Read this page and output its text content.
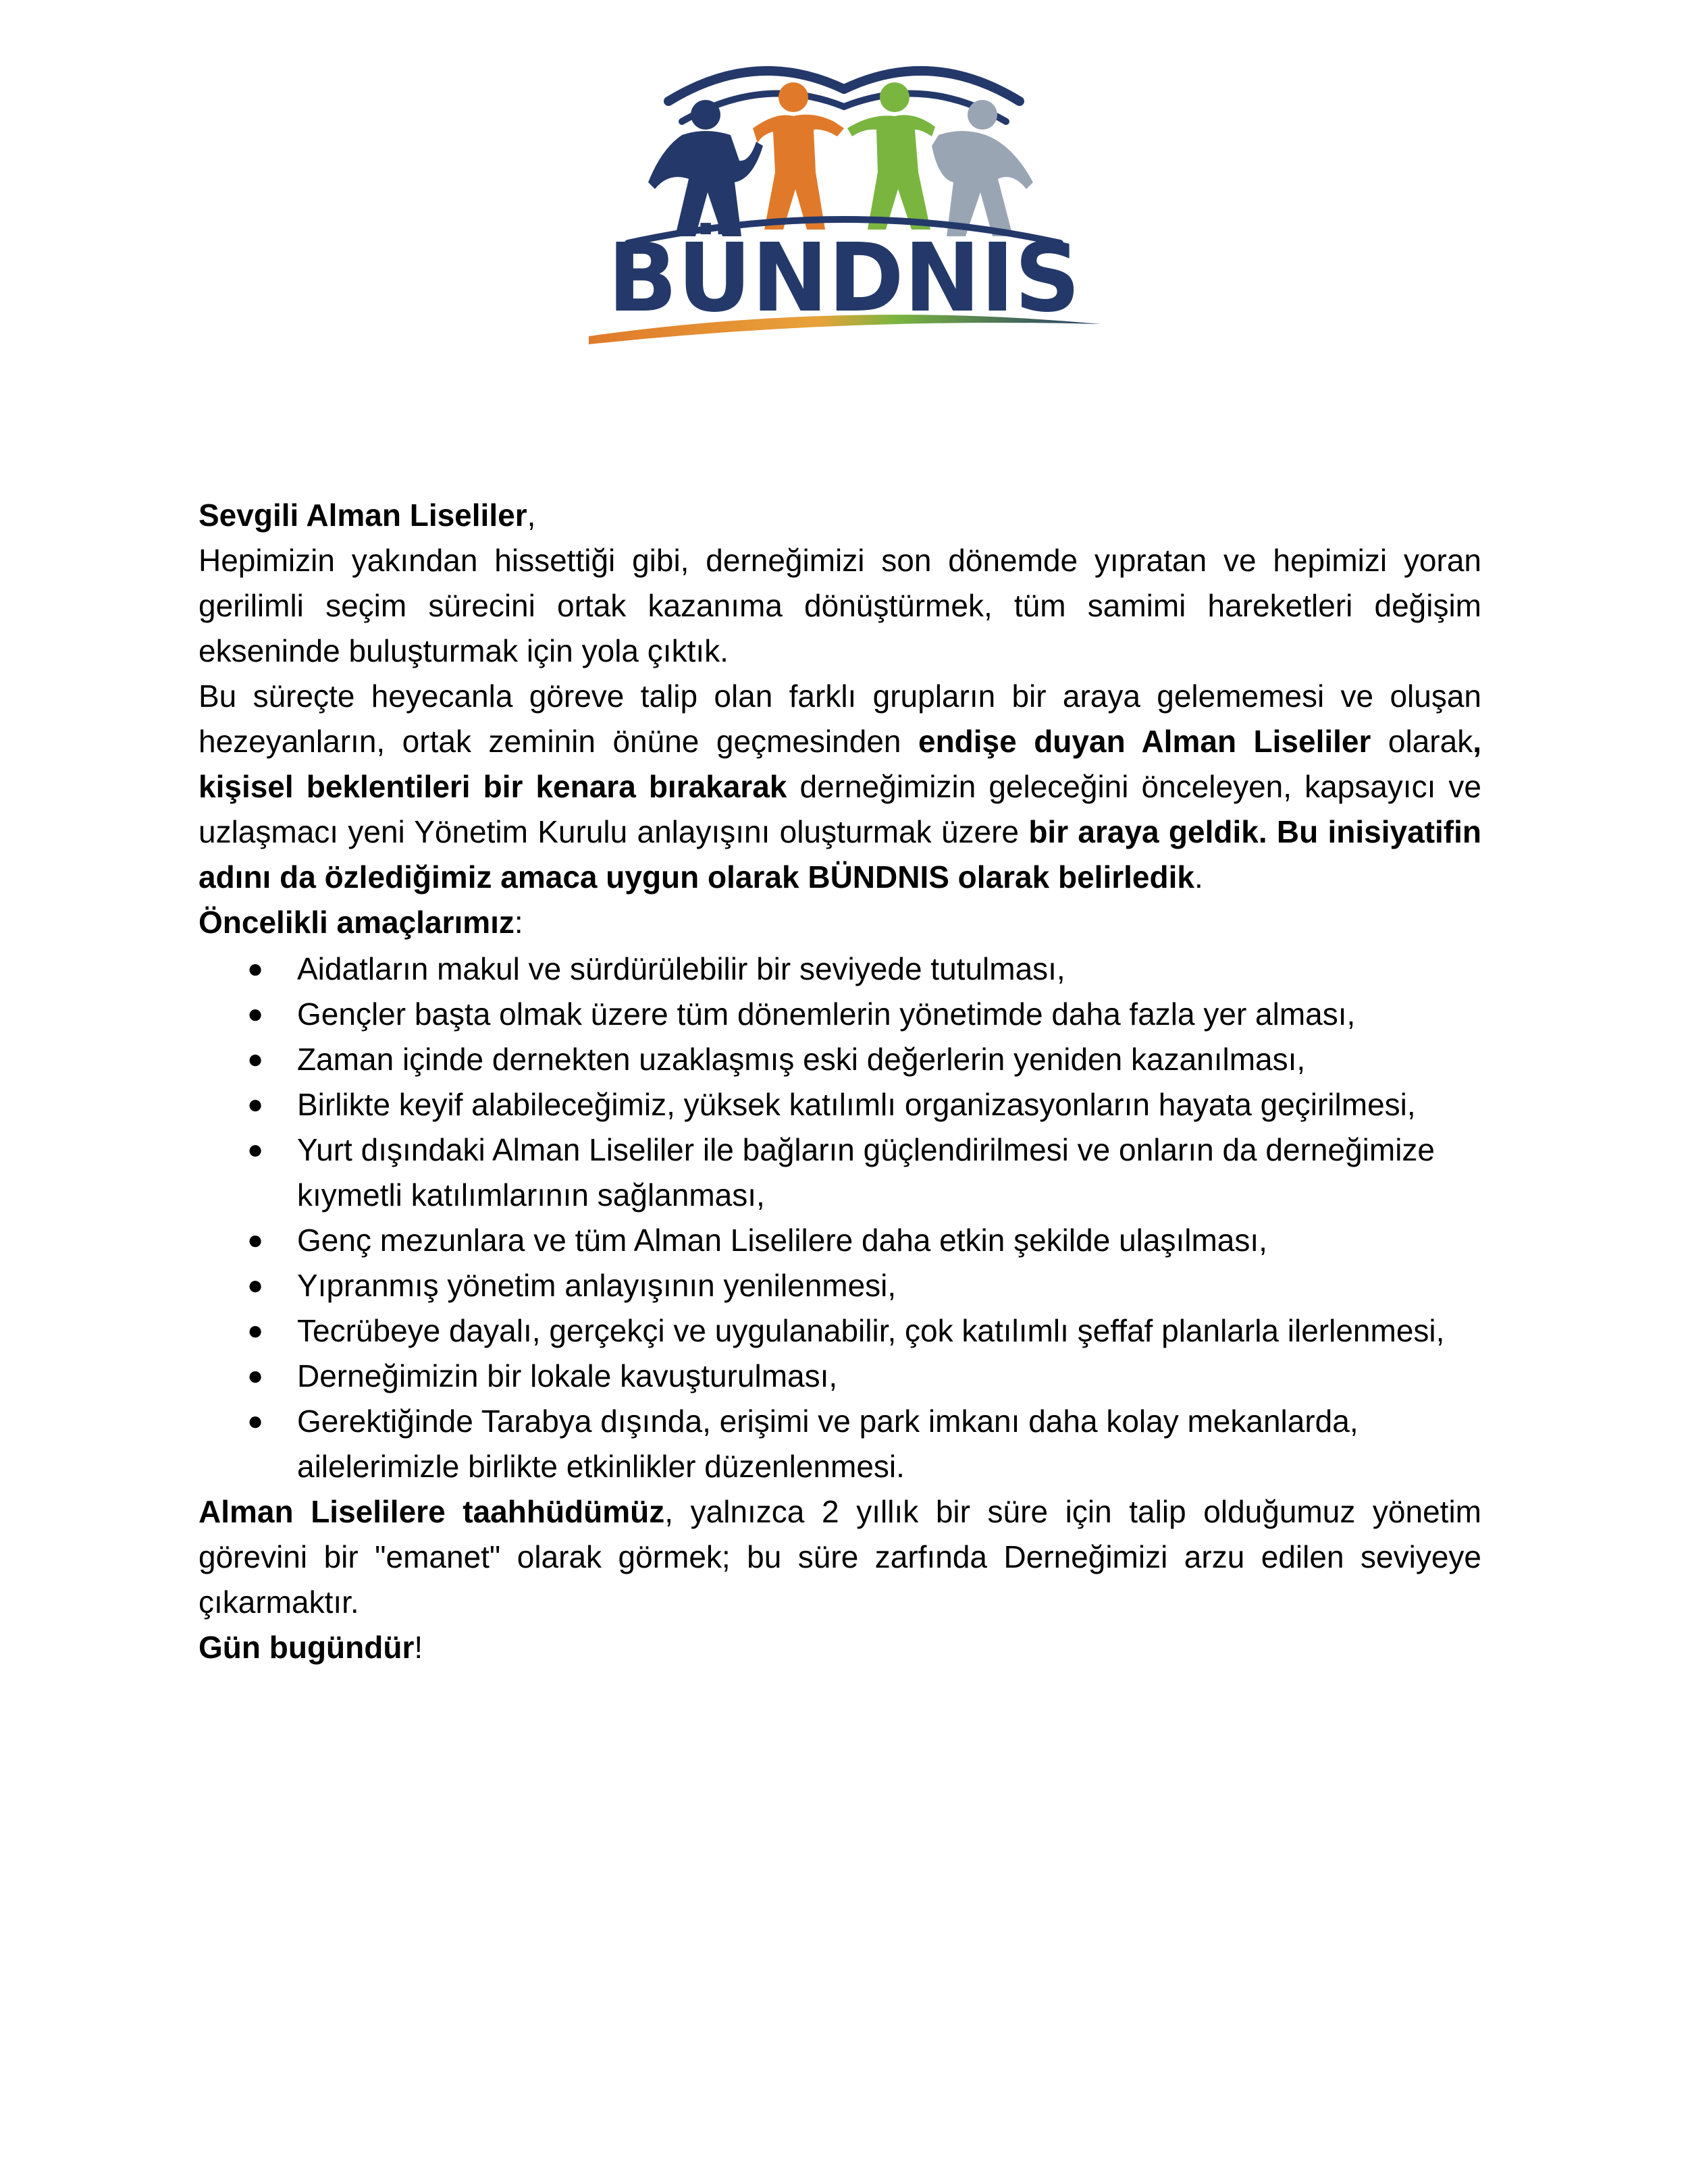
BÜNDNIS

Sevgili Alman Liseliler,

Hepimizin yakından hissettiği gibi, derneğimizi son dönemde yıpratan ve hepimizi yoran gerilimli seçim sürecini ortak kazanıma dönüştürmek, tüm samimi hareketleri değişim ekseninde buluşturmak için yola çıktık.

Bu süreçte heyecanla göreve talip olan farklı grupların bir araya gelememesi ve oluşan hezeyanların, ortak zeminin önüne geçmesinden endişe duyan Alman Liseliler olarak, kişisel beklentileri bir kenara bırakarak derneğimizin geleceğini önceleyen, kapsayıcı ve uzlaşmacı yeni Yönetim Kurulu anlayışını oluşturmak üzere bir araya geldik. Bu inisiyatifin adını da özlediğimiz amaca uygun olarak BÜNDNIS olarak belirledik.

Öncelikli amaçlarımız:

● Aidatların makul ve sürdürülebilir bir seviyede tutulması,
● Gençler başta olmak üzere tüm dönemlerin yönetimde daha fazla yer alması,
● Zaman içinde dernekten uzaklaşmış eski değerlerin yeniden kazanılması,
● Birlikte keyif alabileceğimiz, yüksek katılımlı organizasyonların hayata geçirilmesi,
● Yurt dışındaki Alman Liseliler ile bağların güçlendirilmesi ve onların da derneğimize kıymetli katılımlarının sağlanması,
● Genç mezunlara ve tüm Alman Liselilere daha etkin şekilde ulaşılması,
● Yıpranmış yönetim anlayışının yenilenmesi,
● Tecrübeye dayalı, gerçekçi ve uygulanabilir, çok katılımlı şeffaf planlarla ilerlenmesi,
● Derneğimizin bir lokale kavuşturulması,
● Gerektiğinde Tarabya dışında, erişimi ve park imkanı daha kolay mekanlarda, ailelerimizle birlikte etkinlikler düzenlenmesi.

Alman Liselilere taahhüdümüz, yalnızca 2 yıllık bir süre için talip olduğumuz yönetim görevini bir "emanet" olarak görmek; bu süre zarfında Derneğimizi arzu edilen seviyeye çıkarmaktır.

Gün bugündür!
